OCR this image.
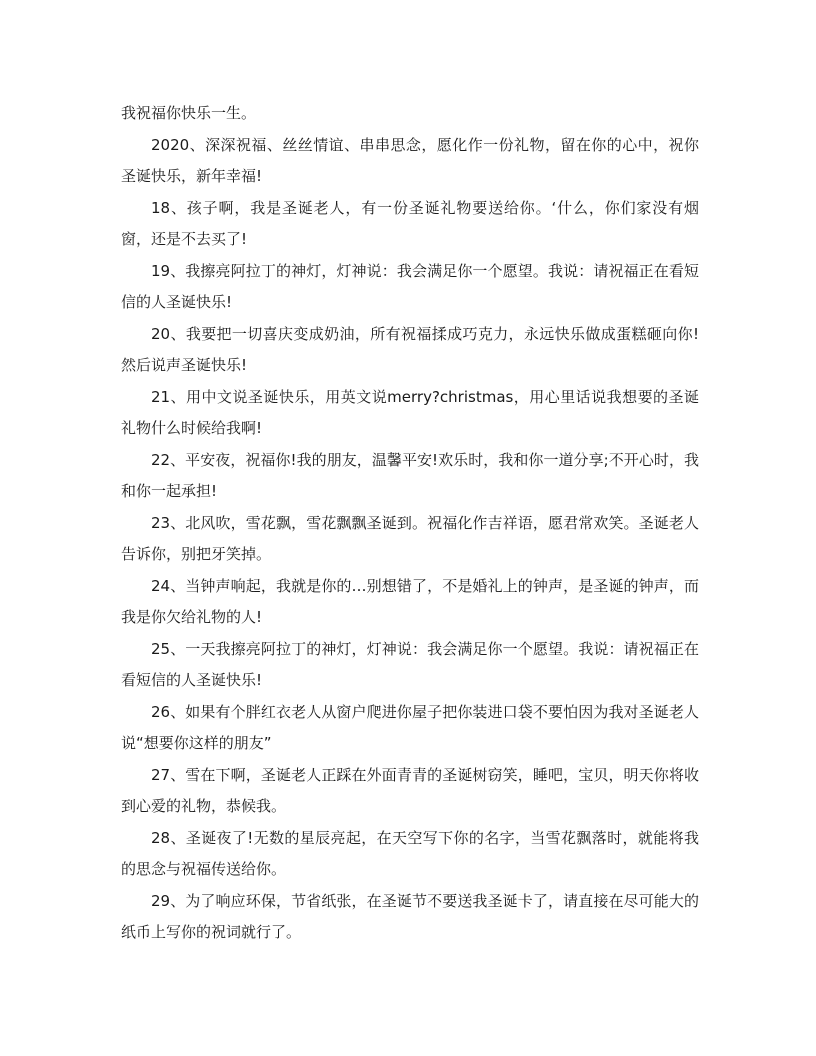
我祝福你快乐一生。

2020、深深祝福、丝丝情谊、串串思念，愿化作一份礼物，留在你的心中，祝你圣诞快乐，新年幸福!

18、孩子啊，我是圣诞老人，有一份圣诞礼物要送给你。‘什么，你们家没有烟窗，还是不去买了!

19、我擦亮阿拉丁的神灯，灯神说：我会满足你一个愿望。我说：请祝福正在看短信的人圣诞快乐!

20、我要把一切喜庆变成奶油，所有祝福揉成巧克力，永远快乐做成蛋糕砸向你!然后说声圣诞快乐!

21、用中文说圣诞快乐，用英文说merry?christmas，用心里话说我想要的圣诞礼物什么时候给我啊!

22、平安夜，祝福你!我的朋友，温馨平安!欢乐时，我和你一道分享;不开心时，我和你一起承担!

23、北风吹，雪花飘，雪花飘飘圣诞到。祝福化作吉祥语，愿君常欢笑。圣诞老人告诉你，别把牙笑掉。

24、当钟声响起，我就是你的…别想错了，不是婚礼上的钟声，是圣诞的钟声，而我是你欠给礼物的人!

25、一天我擦亮阿拉丁的神灯，灯神说：我会满足你一个愿望。我说：请祝福正在看短信的人圣诞快乐!

26、如果有个胖红衣老人从窗户爬进你屋子把你装进口袋不要怕因为我对圣诞老人说“想要你这样的朋友”

27、雪在下啊，圣诞老人正踩在外面青青的圣诞树窃笑，睡吧，宝贝，明天你将收到心爱的礼物，恭候我。

28、圣诞夜了!无数的星辰亮起，在天空写下你的名字，当雪花飘落时，就能将我的思念与祝福传送给你。

29、为了响应环保，节省纸张，在圣诞节不要送我圣诞卡了，请直接在尽可能大的纸币上写你的祝词就行了。
